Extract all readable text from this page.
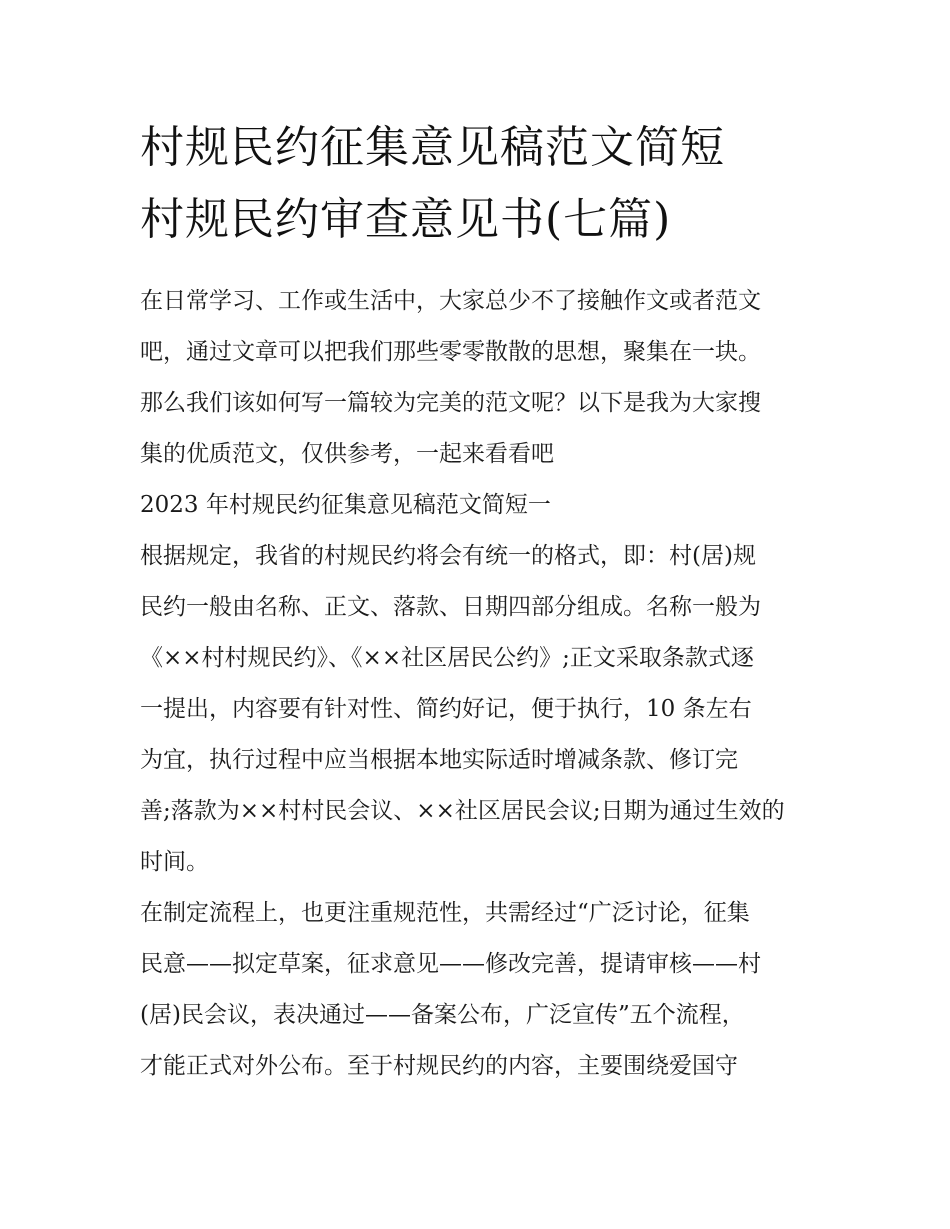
村规民约征集意见稿范文简短
村规民约审查意见书(七篇)
在日常学习、工作或生活中，大家总少不了接触作文或者范文
吧，通过文章可以把我们那些零零散散的思想，聚集在一块。
那么我们该如何写一篇较为完美的范文呢？以下是我为大家搜
集的优质范文，仅供参考，一起来看看吧
2023 年村规民约征集意见稿范文简短一
根据规定，我省的村规民约将会有统一的格式，即：村(居)规
民约一般由名称、正文、落款、日期四部分组成。名称一般为
《××村村规民约》、《××社区居民公约》;正文采取条款式逐
一提出，内容要有针对性、简约好记，便于执行，10 条左右
为宜，执行过程中应当根据本地实际适时增减条款、修订完
善;落款为××村村民会议、××社区居民会议;日期为通过生效的
时间。
在制定流程上，也更注重规范性，共需经过“广泛讨论，征集
民意——拟定草案，征求意见——修改完善，提请审核——村
(居)民会议，表决通过——备案公布，广泛宣传”五个流程，
才能正式对外公布。至于村规民约的内容，主要围绕爱国守
